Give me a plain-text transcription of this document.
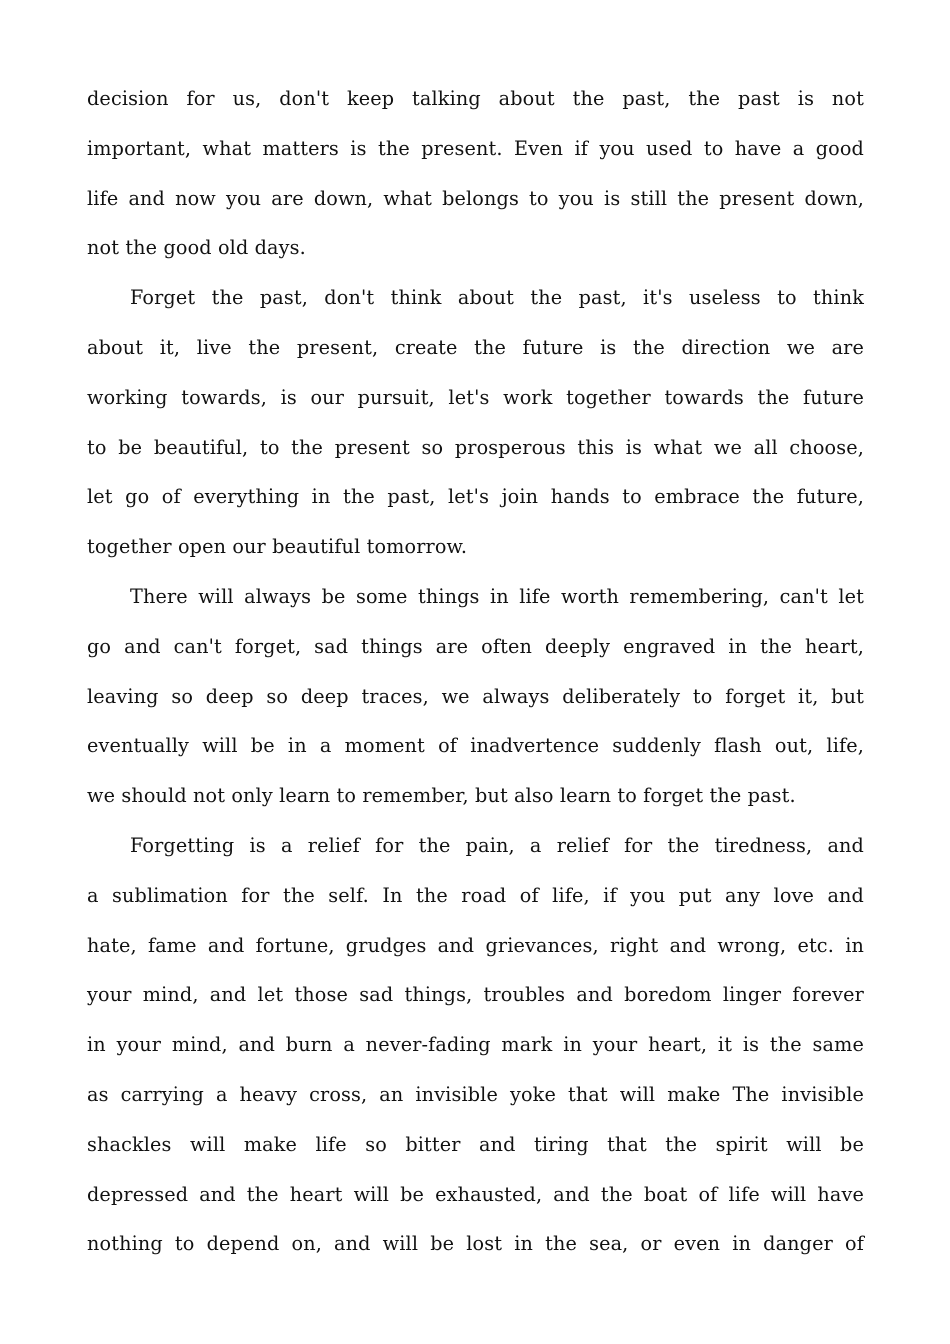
decision for us, don't keep talking about the past, the past is not
important, what matters is the present. Even if you used to have a good
life and now you are down, what belongs to you is still the present down,
not the good old days.
Forget the past, don't think about the past, it's useless to think
about it, live the present, create the future is the direction we are
working towards, is our pursuit, let's work together towards the future
to be beautiful, to the present so prosperous this is what we all choose,
let go of everything in the past, let's join hands to embrace the future,
together open our beautiful tomorrow.
There will always be some things in life worth remembering, can't let
go and can't forget, sad things are often deeply engraved in the heart,
leaving so deep so deep traces, we always deliberately to forget it, but
eventually will be in a moment of inadvertence suddenly flash out, life,
we should not only learn to remember, but also learn to forget the past.
Forgetting is a relief for the pain, a relief for the tiredness, and
a sublimation for the self. In the road of life, if you put any love and
hate, fame and fortune, grudges and grievances, right and wrong, etc. in
your mind, and let those sad things, troubles and boredom linger forever
in your mind, and burn a never-fading mark in your heart, it is the same
as carrying a heavy cross, an invisible yoke that will make The invisible
shackles will make life so bitter and tiring that the spirit will be
depressed and the heart will be exhausted, and the boat of life will have
nothing to depend on, and will be lost in the sea, or even in danger of
